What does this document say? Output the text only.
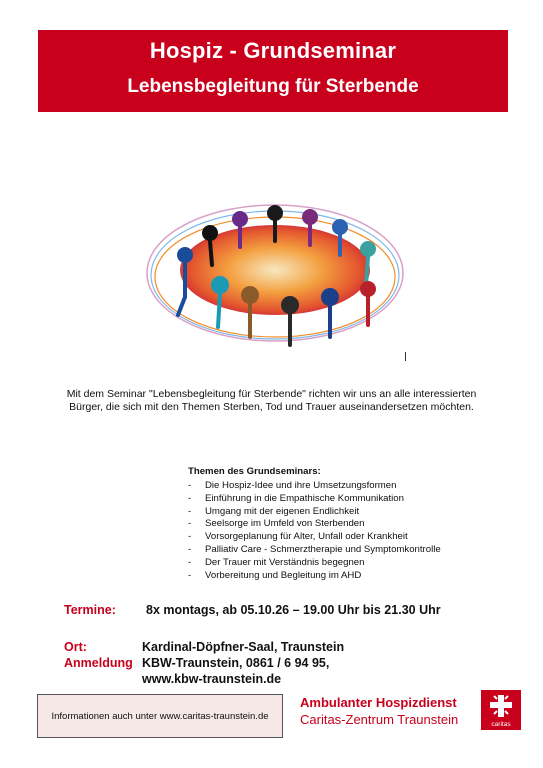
Hospiz - Grundseminar
Lebensbegleitung für Sterbende
Mit dem Seminar "Lebensbegleitung für Sterbende" richten wir uns an alle interessierten Bürger, die sich mit den Themen Sterben, Tod und Trauer auseinandersetzen möchten.
Themen des Grundseminars:
- Die Hospiz-Idee und ihre Umsetzungsformen
- Einführung in die Empathische Kommunikation
- Umgang mit der eigenen Endlichkeit
- Seelsorge im Umfeld von Sterbenden
- Vorsorgeplanung für Alter, Unfall oder Krankheit
- Palliativ Care - Schmerztherapie und Symptomkontrolle
- Der Trauer mit Verständnis begegnen
- Vorbereitung und Begleitung im AHD
Termine: 8x montags, ab 05.10.26 – 19.00 Uhr bis 21.30 Uhr
Ort:	Kardinal-Döpfner-Saal, Traunstein
Anmeldung KBW-Traunstein, 0861 / 6 94 95,
www.kbw-traunstein.de
Informationen auch unter www.caritas-traunstein.de
Ambulanter Hospizdienst
Caritas-Zentrum Traunstein	caritas
